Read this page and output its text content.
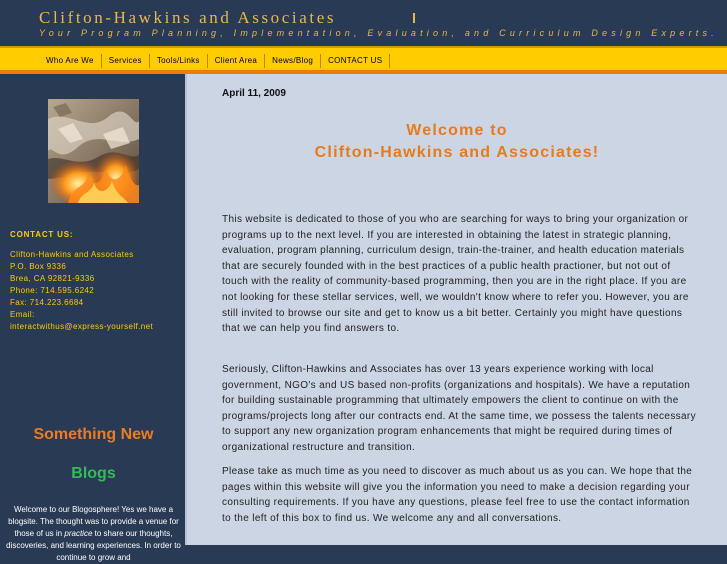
Clifton-Hawkins and Associates
Your Program Planning, Implementation, Evaluation, and Curriculum Design Experts.
Who Are We	Services	Tools/Links	Client Area	News/Blog	CONTACT US
CONTACT US:
Clifton-Hawkins and Associates
P.O. Box 9336
Brea, CA 92821-9336
Phone: 714.595.6242
Fax: 714.223.6684
Email:
interactwithus@express-yourself.net
Something New
Blogs
Welcome to our Blogosphere! Yes we have a blogsite. The thought was to provide a venue for those of us in practice to share our thoughts, discoveries, and learning experiences. In order to continue to grow and
April 11, 2009
Welcome to
Clifton-Hawkins and Associates!
This website is dedicated to those of you who are searching for ways to bring your organization or programs up to the next level. If you are interested in obtaining the latest in strategic planning, evaluation, program planning, curriculum design, train-the-trainer, and health education materials that are securely founded with in the best practices of a public health practioner, but not out of touch with the reality of community-based programming, then you are in the right place. If you are not looking for these stellar services, well, we wouldn't know where to refer you. However, you are still invited to browse our site and get to know us a bit better. Certainly you might have questions that we can help you find answers to.
Seriously, Clifton-Hawkins and Associates has over 13 years experience working with local government, NGO's and US based non-profits (organizations and hospitals). We have a reputation for building sustainable programming that ultimately empowers the client to continue on with the programs/projects long after our contracts end. At the same time, we possess the talents necessary to support any new organization program enhancements that might be required during times of organizational restructure and transition.
Please take as much time as you need to discover as much about us as you can. We hope that the pages within this website will give you the information you need to make a decision regarding your consulting requirements. If you have any questions, please feel free to use the contact information to the left of this box to find us. We welcome any and all conversations.
